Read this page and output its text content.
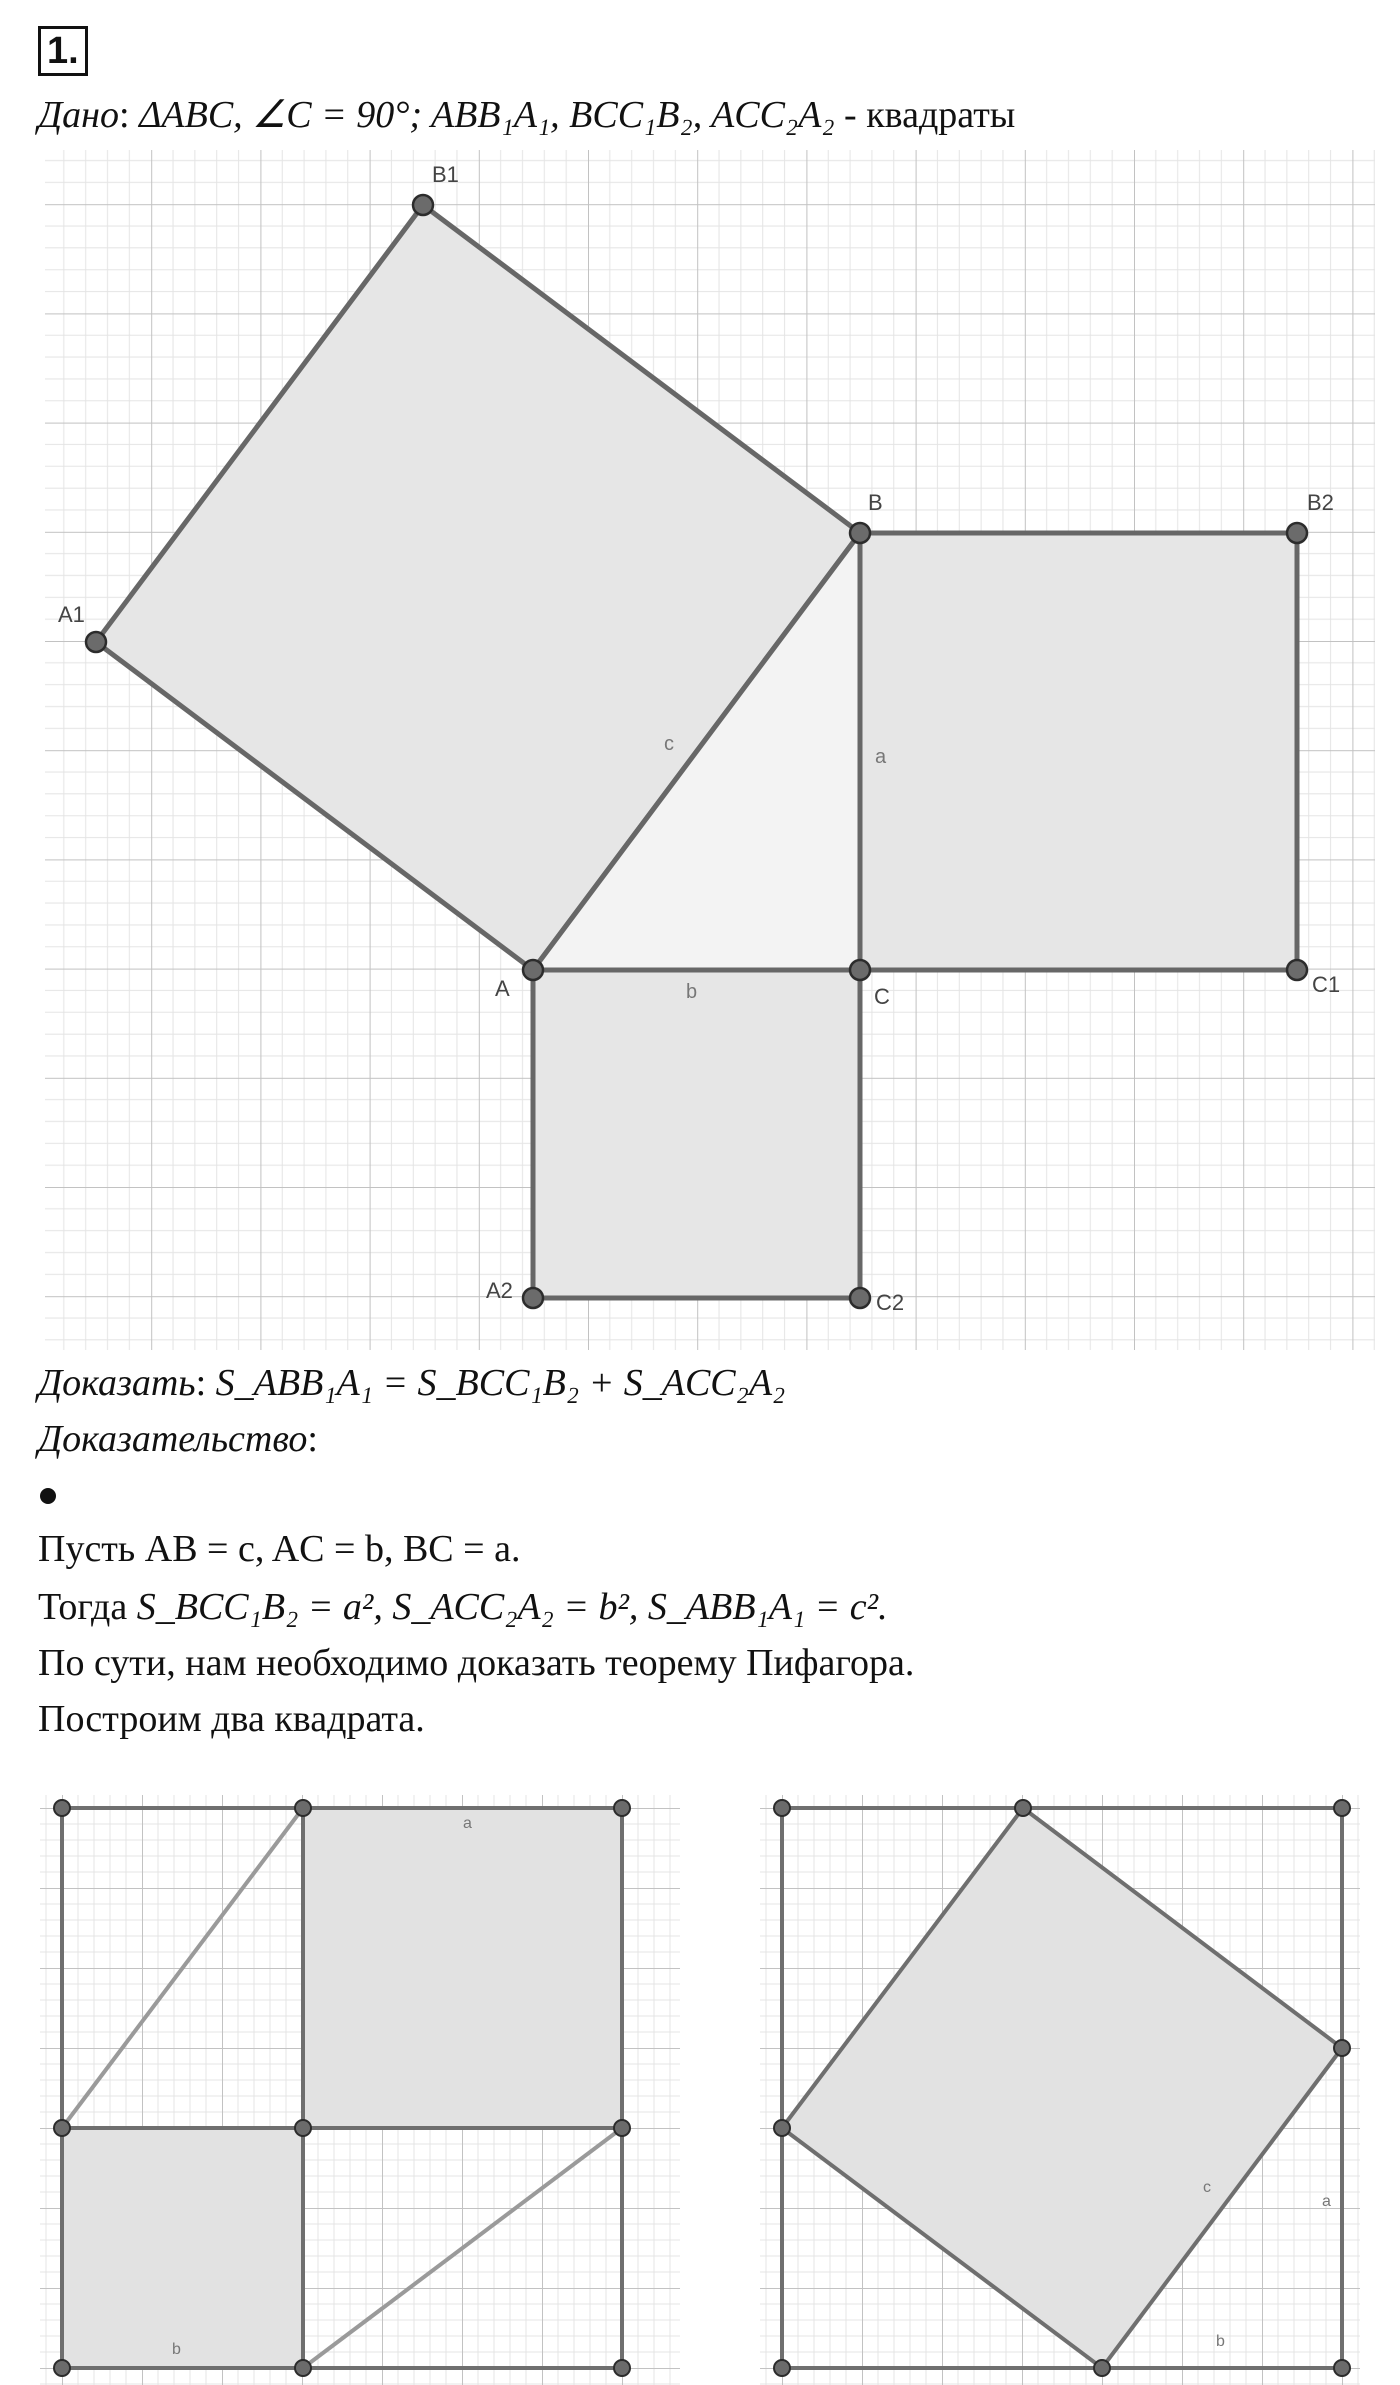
1.
Дано: ΔABC, ∠C = 90°; ABB₁A₁, BCC₁B₂, ACC₂A₂ - квадраты
B1
B	B2
A1
A	C	C1
A2	C2
c
a
b
Доказать: S_ABB₁A₁ = S_BCC₁B₂ + S_ACC₂A₂
Доказательство:
Пусть AB = c, AC = b, BC = a.
Тогда S_BCC₁B₂ = a², S_ACC₂A₂ = b², S_ABB₁A₁ = c².
По сути, нам необходимо доказать теорему Пифагора.
Построим два квадрата.
a
b
c
a
b
